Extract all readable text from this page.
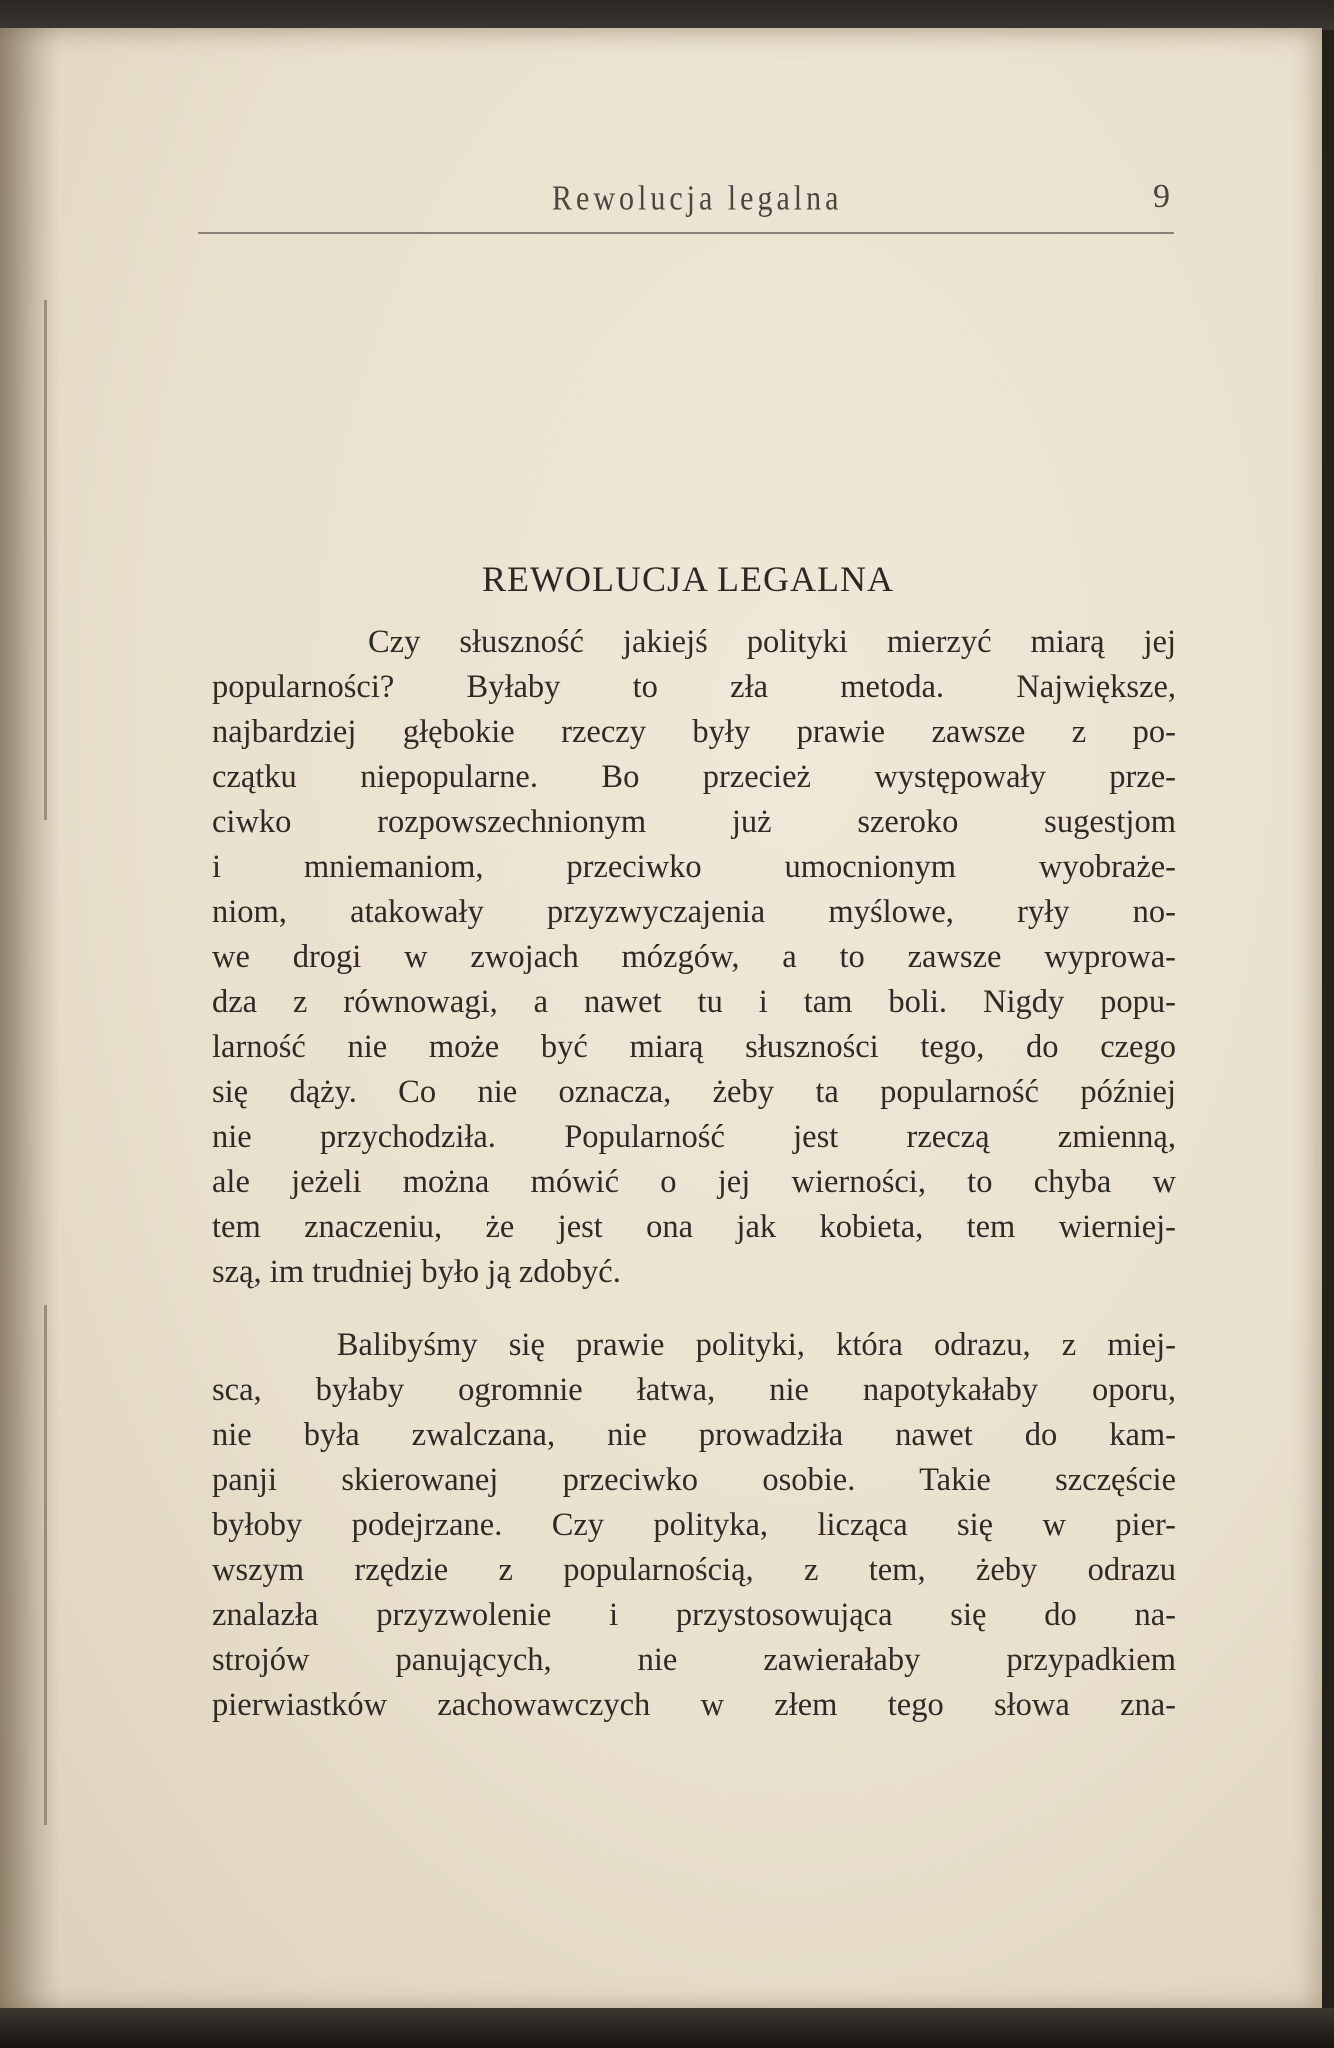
Rewolucja legalna	9
REWOLUCJA LEGALNA

Czy słuszność jakiejś polityki mierzyć miarą jej
popularności? Byłaby to zła metoda. Największe,
najbardziej głębokie rzeczy były prawie zawsze z po-
czątku niepopularne. Bo przecież występowały prze-
ciwko rozpowszechnionym już szeroko sugestjom
i mniemaniom, przeciwko umocnionym wyobraże-
niom, atakowały przyzwyczajenia myślowe, ryły no-
we drogi w zwojach mózgów, a to zawsze wyprowa-
dza z równowagi, a nawet tu i tam boli. Nigdy popu-
larność nie może być miarą słuszności tego, do czego
się dąży. Co nie oznacza, żeby ta popularność później
nie przychodziła. Popularność jest rzeczą zmienną,
ale jeżeli można mówić o jej wierności, to chyba w
tem znaczeniu, że jest ona jak kobieta, tem wierniej-
szą, im trudniej było ją zdobyć.

Balibyśmy się prawie polityki, która odrazu, z miej-
sca, byłaby ogromnie łatwa, nie napotykałaby oporu,
nie była zwalczana, nie prowadziła nawet do kam-
panji skierowanej przeciwko osobie. Takie szczęście
byłoby podejrzane. Czy polityka, licząca się w pier-
wszym rzędzie z popularnością, z tem, żeby odrazu
znalazła przyzwolenie i przystosowująca się do na-
strojów panujących, nie zawierałaby przypadkiem
pierwiastków zachowawczych w złem tego słowa zna-
